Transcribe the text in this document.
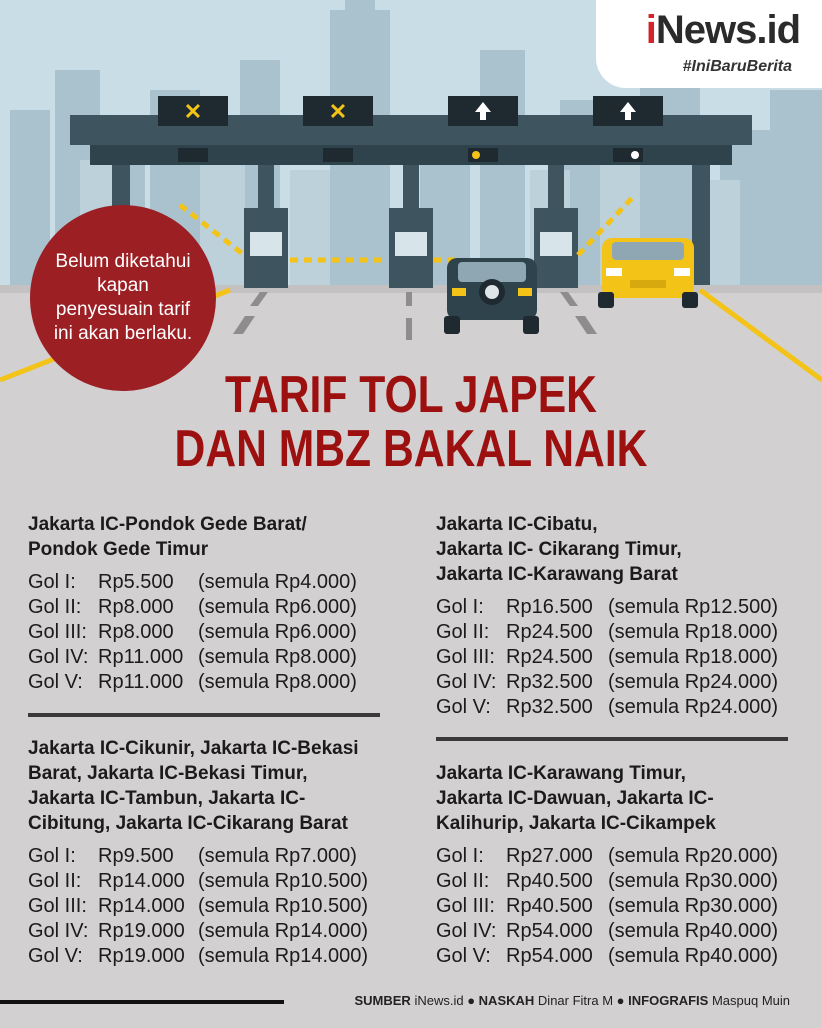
✕	✕
iNews.id
#IniBaruBerita
Belum diketahui kapan penyesuain tarif ini akan berlaku.
TARIF TOL JAPEK
DAN MBZ BAKAL NAIK
Jakarta IC-Pondok Gede Barat/
Pondok Gede Timur
Gol I: Rp5.500 (semula Rp4.000)
Gol II: Rp8.000 (semula Rp6.000)
Gol III: Rp8.000 (semula Rp6.000)
Gol IV: Rp11.000 (semula Rp8.000)
Gol V: Rp11.000 (semula Rp8.000)
Jakarta IC-Cibatu,
Jakarta IC- Cikarang Timur,
Jakarta IC-Karawang Barat
Gol I: Rp16.500 (semula Rp12.500)
Gol II: Rp24.500 (semula Rp18.000)
Gol III: Rp24.500 (semula Rp18.000)
Gol IV: Rp32.500 (semula Rp24.000)
Gol V: Rp32.500 (semula Rp24.000)
Jakarta IC-Cikunir, Jakarta IC-Bekasi
Barat, Jakarta IC-Bekasi Timur,
Jakarta IC-Tambun, Jakarta IC-
Cibitung, Jakarta IC-Cikarang Barat
Gol I: Rp9.500 (semula Rp7.000)
Gol II: Rp14.000 (semula Rp10.500)
Gol III: Rp14.000 (semula Rp10.500)
Gol IV: Rp19.000 (semula Rp14.000)
Gol V: Rp19.000 (semula Rp14.000)
Jakarta IC-Karawang Timur,
Jakarta IC-Dawuan, Jakarta IC-
Kalihurip, Jakarta IC-Cikampek
Gol I: Rp27.000 (semula Rp20.000)
Gol II: Rp40.500 (semula Rp30.000)
Gol III: Rp40.500 (semula Rp30.000)
Gol IV: Rp54.000 (semula Rp40.000)
Gol V: Rp54.000 (semula Rp40.000)
SUMBER iNews.id ● NASKAH Dinar Fitra M ● INFOGRAFIS Maspuq Muin
